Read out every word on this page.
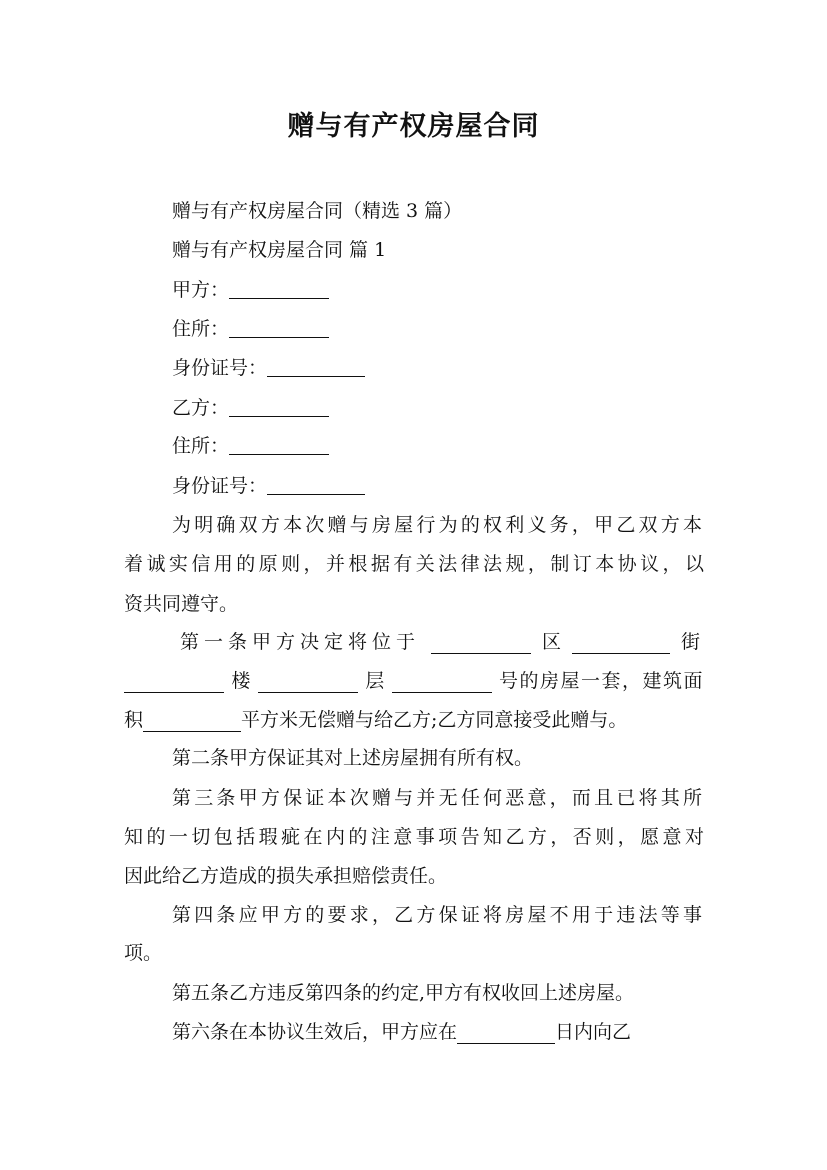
赠与有产权房屋合同
赠与有产权房屋合同（精选 3 篇）
赠与有产权房屋合同 篇 1
甲方：
住所：
身份证号：
乙方：
住所：
身份证号：
为明确双方本次赠与房屋行为的权利义务，甲乙双方本
着诚实信用的原则，并根据有关法律法规，制订本协议，以
资共同遵守。
第一条甲方决定将位于	区	街
楼	层	号的房屋一套，建筑面
积	平方米无偿赠与给乙方;乙方同意接受此赠与。
第二条甲方保证其对上述房屋拥有所有权。
第三条甲方保证本次赠与并无任何恶意，而且已将其所
知的一切包括瑕疵在内的注意事项告知乙方，否则，愿意对
因此给乙方造成的损失承担赔偿责任。
第四条应甲方的要求，乙方保证将房屋不用于违法等事
项。
第五条乙方违反第四条的约定,甲方有权收回上述房屋。
第六条在本协议生效后，甲方应在	日内向乙
